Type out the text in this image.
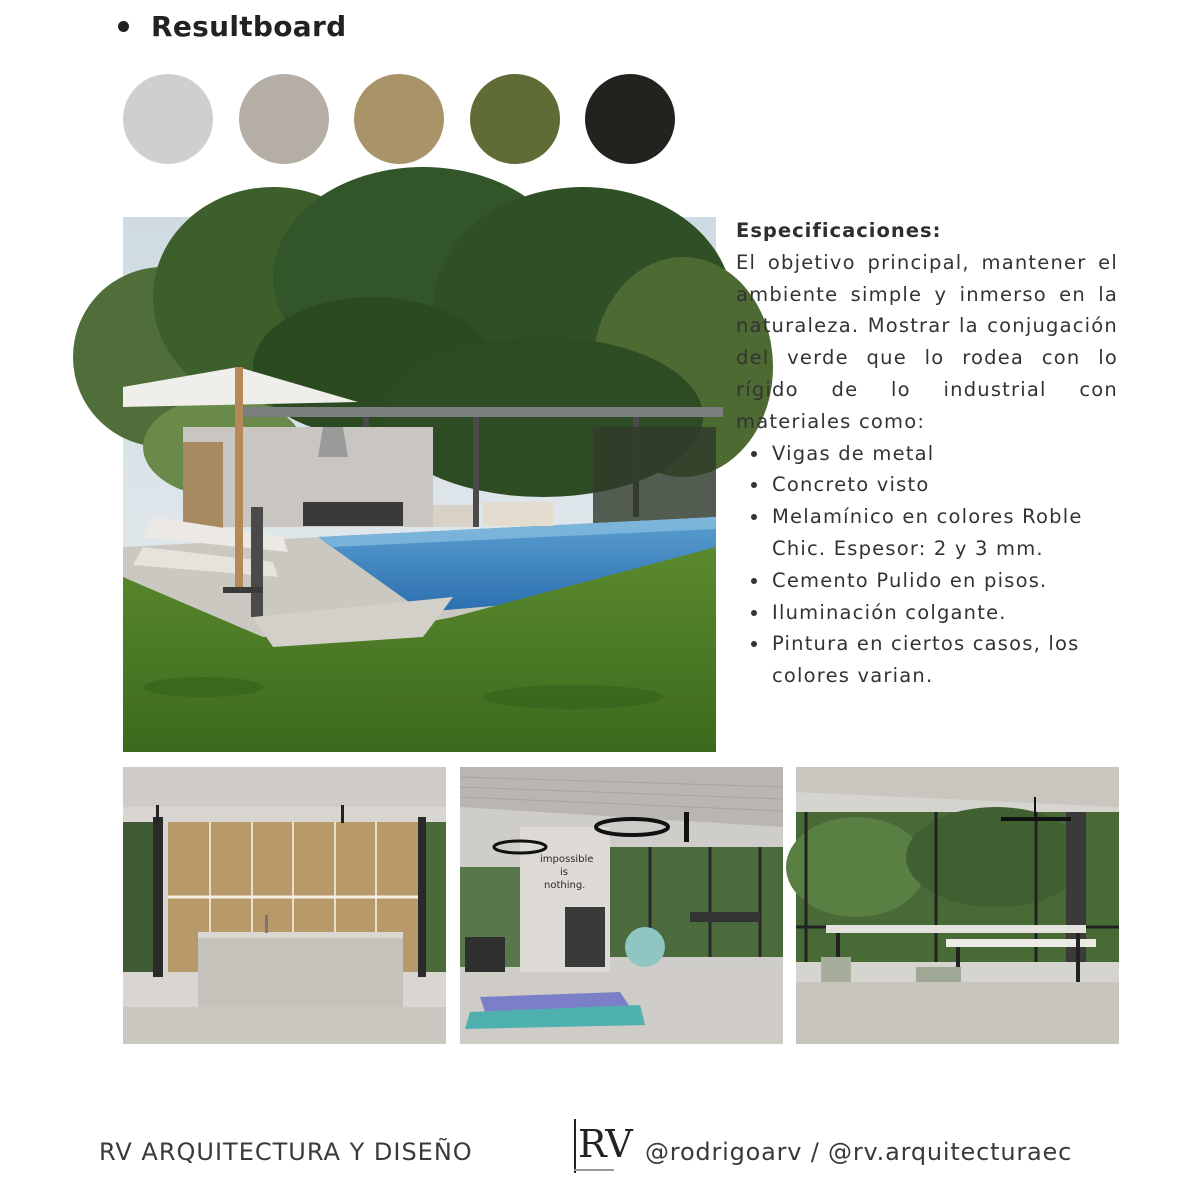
Resultboard
Especificaciones:

El objetivo principal, mantener el ambiente simple y inmerso en la naturaleza. Mostrar la conjugación del verde que lo rodea con lo rígido de lo industrial con materiales como:

Vigas de metal
Concreto visto
Melamínico en colores Roble Chic. Espesor: 2 y 3 mm.
Cemento Pulido en pisos.
Iluminación colgante.
Pintura en ciertos casos, los colores varian.
impossible
is
nothing.
RV ARQUITECTURA Y DISEÑO	RV @rodrigoarv / @rv.arquitecturaec
